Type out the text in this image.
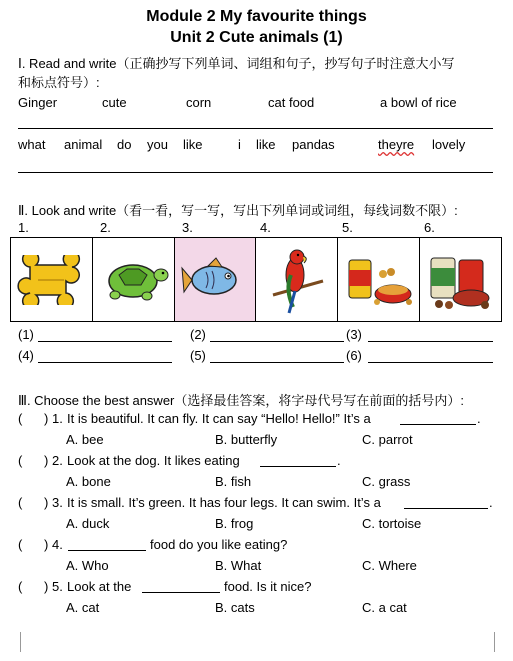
Module 2 My favourite things
Unit 2 Cute animals (1)
Ⅰ. Read and write（正确抄写下列单词、词组和句子，抄写句子时注意大小写
和标点符号）:
Ginger	cute	corn	cat food	a bowl of rice
what animal do you like	i like pandas	theyre lovely
Ⅱ. Look and write（看一看，写一写，写出下列单词或词组，每线词数不限）:
1.	2.	3.	4.	5.	6.
(1)	(2)	(3)
(4)	(5)	(6)
Ⅲ. Choose the best answer（选择最佳答案，将字母代号写在前面的括号内）:
( ) 1. It is beautiful. It can fly. It can say “Hello! Hello!” It’s a	.
A. bee	B. butterfly	C. parrot
( ) 2. Look at the dog. It likes eating	.
A. bone	B. fish	C. grass
( ) 3. It is small. It’s green. It has four legs. It can swim. It’s a	.
A. duck	B. frog	C. tortoise
( ) 4.	food do you like eating?
A. Who	B. What	C. Where
( ) 5. Look at the	food. Is it nice?
A. cat	B. cats	C. a cat
